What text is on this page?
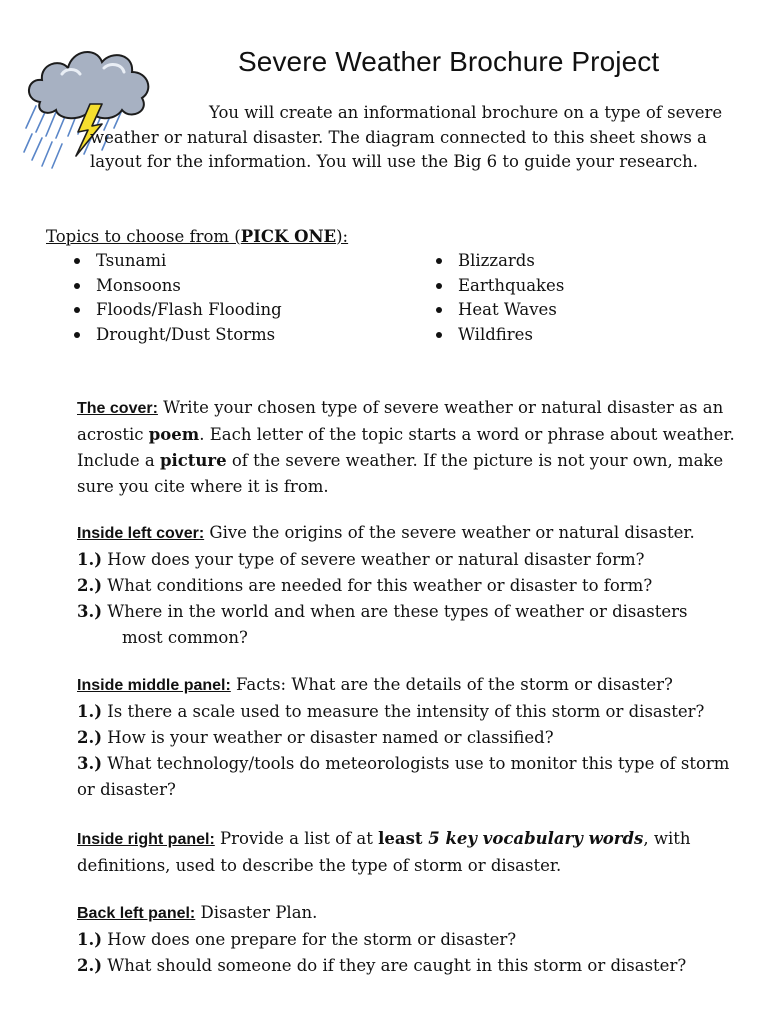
Severe Weather Brochure Project

You will create an informational brochure on a type of severe weather or natural disaster. The diagram connected to this sheet shows a layout for the information. You will use the Big 6 to guide your research.

Topics to choose from (PICK ONE):

Tsunami
Monsoons
Floods/Flash Flooding
Drought/Dust Storms
Blizzards
Earthquakes
Heat Waves
Wildfires

The cover: Write your chosen type of severe weather or natural disaster as an acrostic poem. Each letter of the topic starts a word or phrase about weather. Include a picture of the severe weather. If the picture is not your own, make sure you cite where it is from.

Inside left cover: Give the origins of the severe weather or natural disaster.
1.) How does your type of severe weather or natural disaster form?
2.) What conditions are needed for this weather or disaster to form?
3.) Where in the world and when are these types of weather or disasters
most common?
Inside middle panel: Facts: What are the details of the storm or disaster?
1.) Is there a scale used to measure the intensity of this storm or disaster?
2.) How is your weather or disaster named or classified?
3.) What technology/tools do meteorologists use to monitor this type of storm or disaster?

Inside right panel: Provide a list of at least 5 key vocabulary words, with definitions, used to describe the type of storm or disaster.

Back left panel: Disaster Plan.
1.) How does one prepare for the storm or disaster?
2.) What should someone do if they are caught in this storm or disaster?
